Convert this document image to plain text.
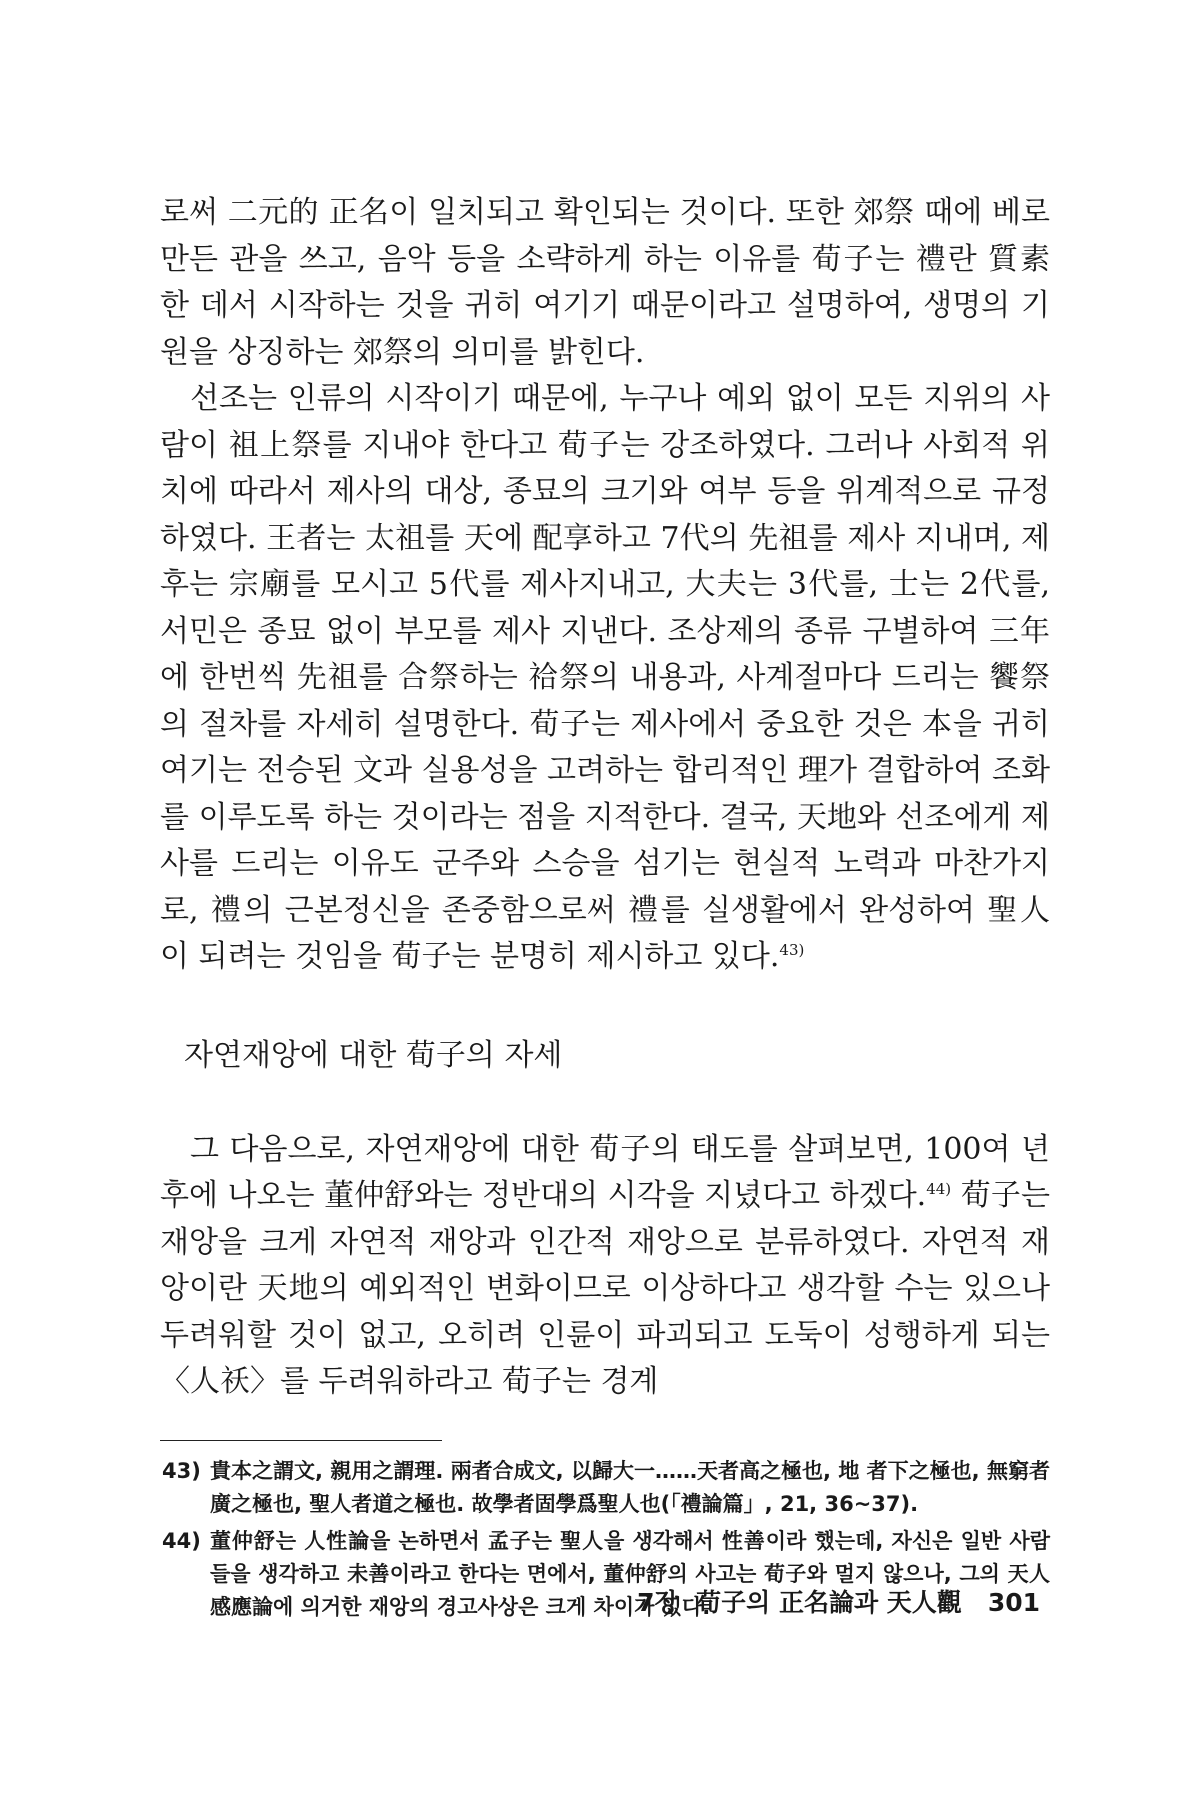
로써 二元的 正名이 일치되고 확인되는 것이다. 또한 郊祭 때에 베로 만든 관을 쓰고, 음악 등을 소략하게 하는 이유를 荀子는 禮란 質素한 데서 시작하는 것을 귀히 여기기 때문이라고 설명하여, 생명의 기원을 상징하는 郊祭의 의미를 밝힌다.

선조는 인류의 시작이기 때문에, 누구나 예외 없이 모든 지위의 사람이 祖上祭를 지내야 한다고 荀子는 강조하였다. 그러나 사회적 위치에 따라서 제사의 대상, 종묘의 크기와 여부 등을 위계적으로 규정하였다. 王者는 太祖를 天에 配享하고 7代의 先祖를 제사 지내며, 제후는 宗廟를 모시고 5代를 제사지내고, 大夫는 3代를, 士는 2代를, 서민은 종묘 없이 부모를 제사 지낸다. 조상제의 종류 구별하여 三年에 한번씩 先祖를 合祭하는 祫祭의 내용과, 사계절마다 드리는 饗祭의 절차를 자세히 설명한다. 荀子는 제사에서 중요한 것은 本을 귀히 여기는 전승된 文과 실용성을 고려하는 합리적인 理가 결합하여 조화를 이루도록 하는 것이라는 점을 지적한다. 결국, 天地와 선조에게 제사를 드리는 이유도 군주와 스승을 섬기는 현실적 노력과 마찬가지로, 禮의 근본정신을 존중함으로써 禮를 실생활에서 완성하여 聖人이 되려는 것임을 荀子는 분명히 제시하고 있다.$^{43)}$

자연재앙에 대한 荀子의 자세

그 다음으로, 자연재앙에 대한 荀子의 태도를 살펴보면, 100여 년 후에 나오는 董仲舒와는 정반대의 시각을 지녔다고 하겠다.$^{44)}$ 荀子는 재앙을 크게 자연적 재앙과 인간적 재앙으로 분류하였다. 자연적 재앙이란 天地의 예외적인 변화이므로 이상하다고 생각할 수는 있으나 두려워할 것이 없고, 오히려 인륜이 파괴되고 도둑이 성행하게 되는 〈人祅〉를 두려워하라고 荀子는 경계

43) 貴本之謂文, 親用之謂理. 兩者合成文, 以歸大一……天者高之極也, 地 者下之極也, 無窮者廣之極也, 聖人者道之極也. 故學者固學爲聖人也(「禮論篇」, 21, 36~37).
44) 董仲舒는 人性論을 논하면서 孟子는 聖人을 생각해서 性善이라 했는데, 자신은 일반 사람들을 생각하고 未善이라고 한다는 면에서, 董仲舒의 사고는 荀子와 멀지 않으나, 그의 天人感應論에 의거한 재앙의 경고사상은 크게 차이가 있다.
7장  荀子의 正名論과 天人觀 301
